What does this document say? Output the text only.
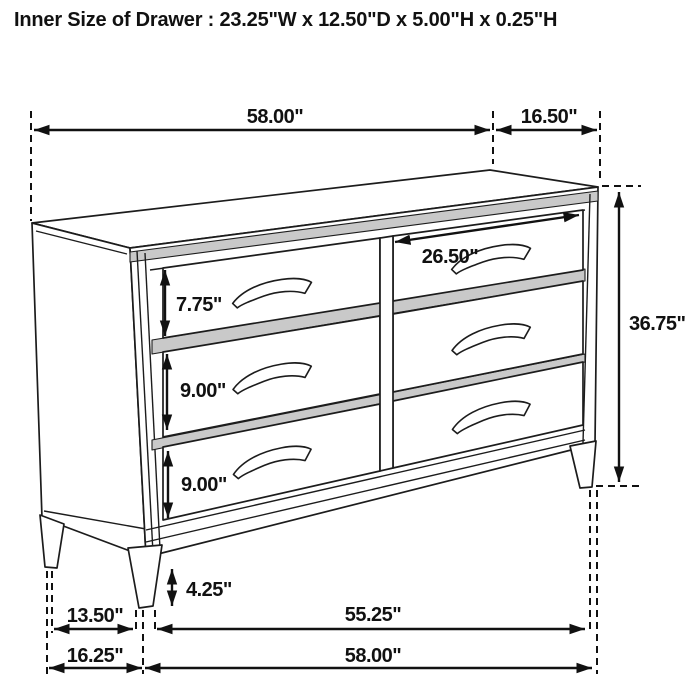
Inner Size of Drawer : 23.25"W x 12.50"D x 5.00"H x 0.25"H
58.00"	16.50"
26.50"
7.75"
9.00"
9.00"
36.75"
4.25"
13.50"	55.25"
16.25"	58.00"
